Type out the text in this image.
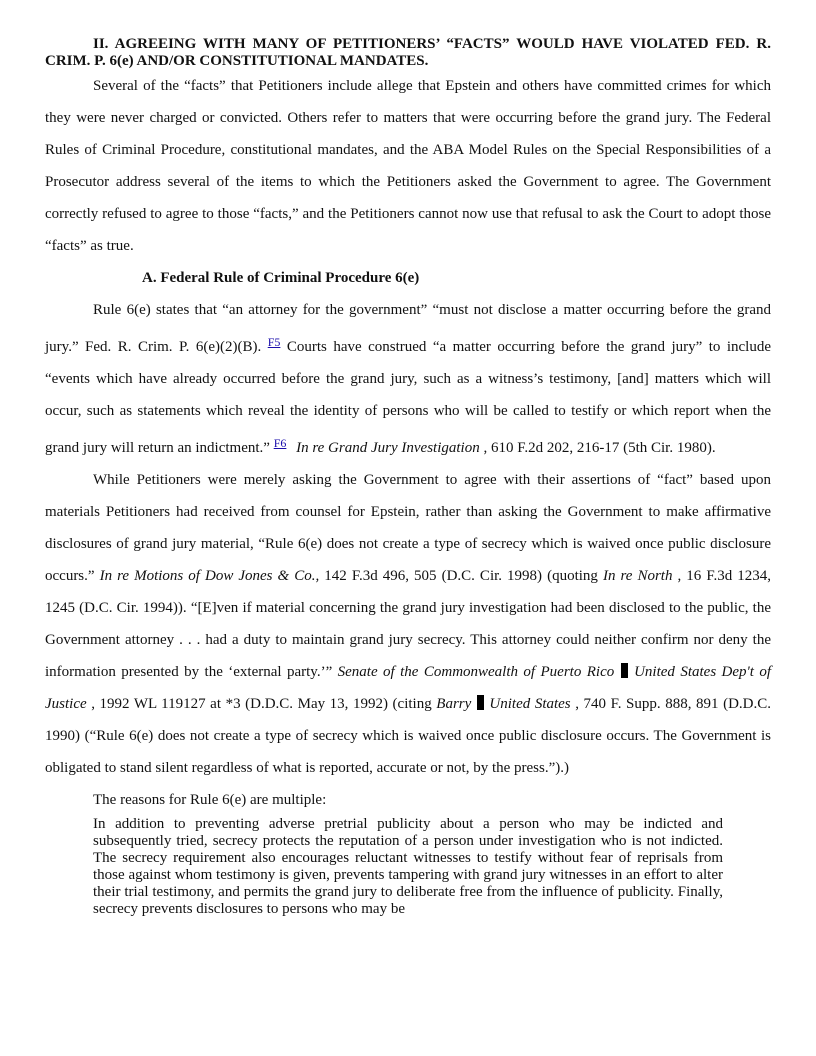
II. AGREEING WITH MANY OF PETITIONERS’ “FACTS” WOULD HAVE VIOLATED FED. R. CRIM. P. 6(e) AND/OR CONSTITUTIONAL MANDATES.

Several of the “facts” that Petitioners include allege that Epstein and others have committed crimes for which they were never charged or convicted. Others refer to matters that were occurring before the grand jury. The Federal Rules of Criminal Procedure, constitutional mandates, and the ABA Model Rules on the Special Responsibilities of a Prosecutor address several of the items to which the Petitioners asked the Government to agree. The Government correctly refused to agree to those “facts,” and the Petitioners cannot now use that refusal to ask the Court to adopt those “facts” as true.

A. Federal Rule of Criminal Procedure 6(e)

Rule 6(e) states that “an attorney for the government” “must not disclose a matter occurring before the grand jury.” Fed. R. Crim. P. 6(e)(2)(B). $^{F5}$ Courts have construed “a matter occurring before the grand jury” to include “events which have already occurred before the grand jury, such as a witness’s testimony, [and] matters which will occur, such as statements which reveal the identity of persons who will be called to testify or which report when the grand jury will return an indictment.” $^{F6}$ In re Grand Jury Investigation , 610 F.2d 202, 216-17 (5th Cir. 1980).

While Petitioners were merely asking the Government to agree with their assertions of “fact” based upon materials Petitioners had received from counsel for Epstein, rather than asking the Government to make affirmative disclosures of grand jury material, “Rule 6(e) does not create a type of secrecy which is waived once public disclosure occurs.” In re Motions of Dow Jones & Co., 142 F.3d 496, 505 (D.C. Cir. 1998) (quoting In re North , 16 F.3d 1234, 1245 (D.C. Cir. 1994)). “[E]ven if material concerning the grand jury investigation had been disclosed to the public, the Government attorney . . . had a duty to maintain grand jury secrecy. This attorney could neither confirm nor deny the information presented by the ‘external party.’” Senate of the Commonwealth of Puerto Rico  United States Dep't of Justice , 1992 WL 119127 at *3 (D.D.C. May 13, 1992) (citing Barry  United States , 740 F. Supp. 888, 891 (D.D.C. 1990) (“Rule 6(e) does not create a type of secrecy which is waived once public disclosure occurs. The Government is obligated to stand silent regardless of what is reported, accurate or not, by the press.”).)

The reasons for Rule 6(e) are multiple:

In addition to preventing adverse pretrial publicity about a person who may be indicted and subsequently tried, secrecy protects the reputation of a person under investigation who is not indicted. The secrecy requirement also encourages reluctant witnesses to testify without fear of reprisals from those against whom testimony is given, prevents tampering with grand jury witnesses in an effort to alter their trial testimony, and permits the grand jury to deliberate free from the influence of publicity. Finally, secrecy prevents disclosures to persons who may be
